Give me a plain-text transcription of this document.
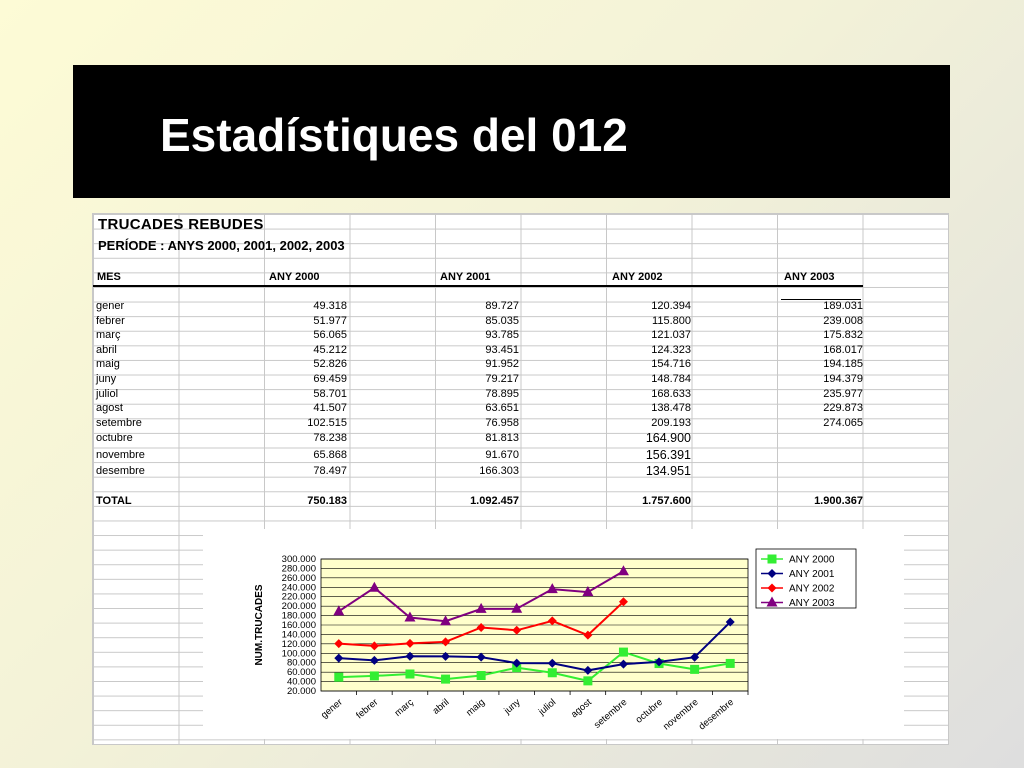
Estadístiques del 012
TRUCADES REBUDES
PERÍODE : ANYS 2000, 2001, 2002, 2003
MES	ANY 2000	ANY 2001	ANY 2002	ANY 2003
gener	49.318		89.727		120.394		189.031
febrer	51.977		85.035		115.800		239.008
març	56.065		93.785		121.037		175.832
abril	45.212		93.451		124.323		168.017
maig	52.826		91.952		154.716		194.185
juny	69.459		79.217		148.784		194.379
juliol	58.701		78.895		168.633		235.977
agost	41.507		63.651		138.478		229.873
setembre	102.515		76.958		209.193		274.065
octubre	78.238		81.813		164.900		
novembre	65.868		91.670		156.391		
desembre	78.497		166.303		134.951		

TOTAL	750.183		1.092.457		1.757.600		1.900.367
300.000
280.000
260.000
240.000
220.000
200.000
180.000
160.000
140.000
120.000
100.000
80.000
60.000
40.000
20.000
NUM.TRUCADES
gener febrer març abril maig juny juliol agost
setembre octubre
novembre
desembre
ANY 2000
ANY 2001
ANY 2002
ANY 2003
